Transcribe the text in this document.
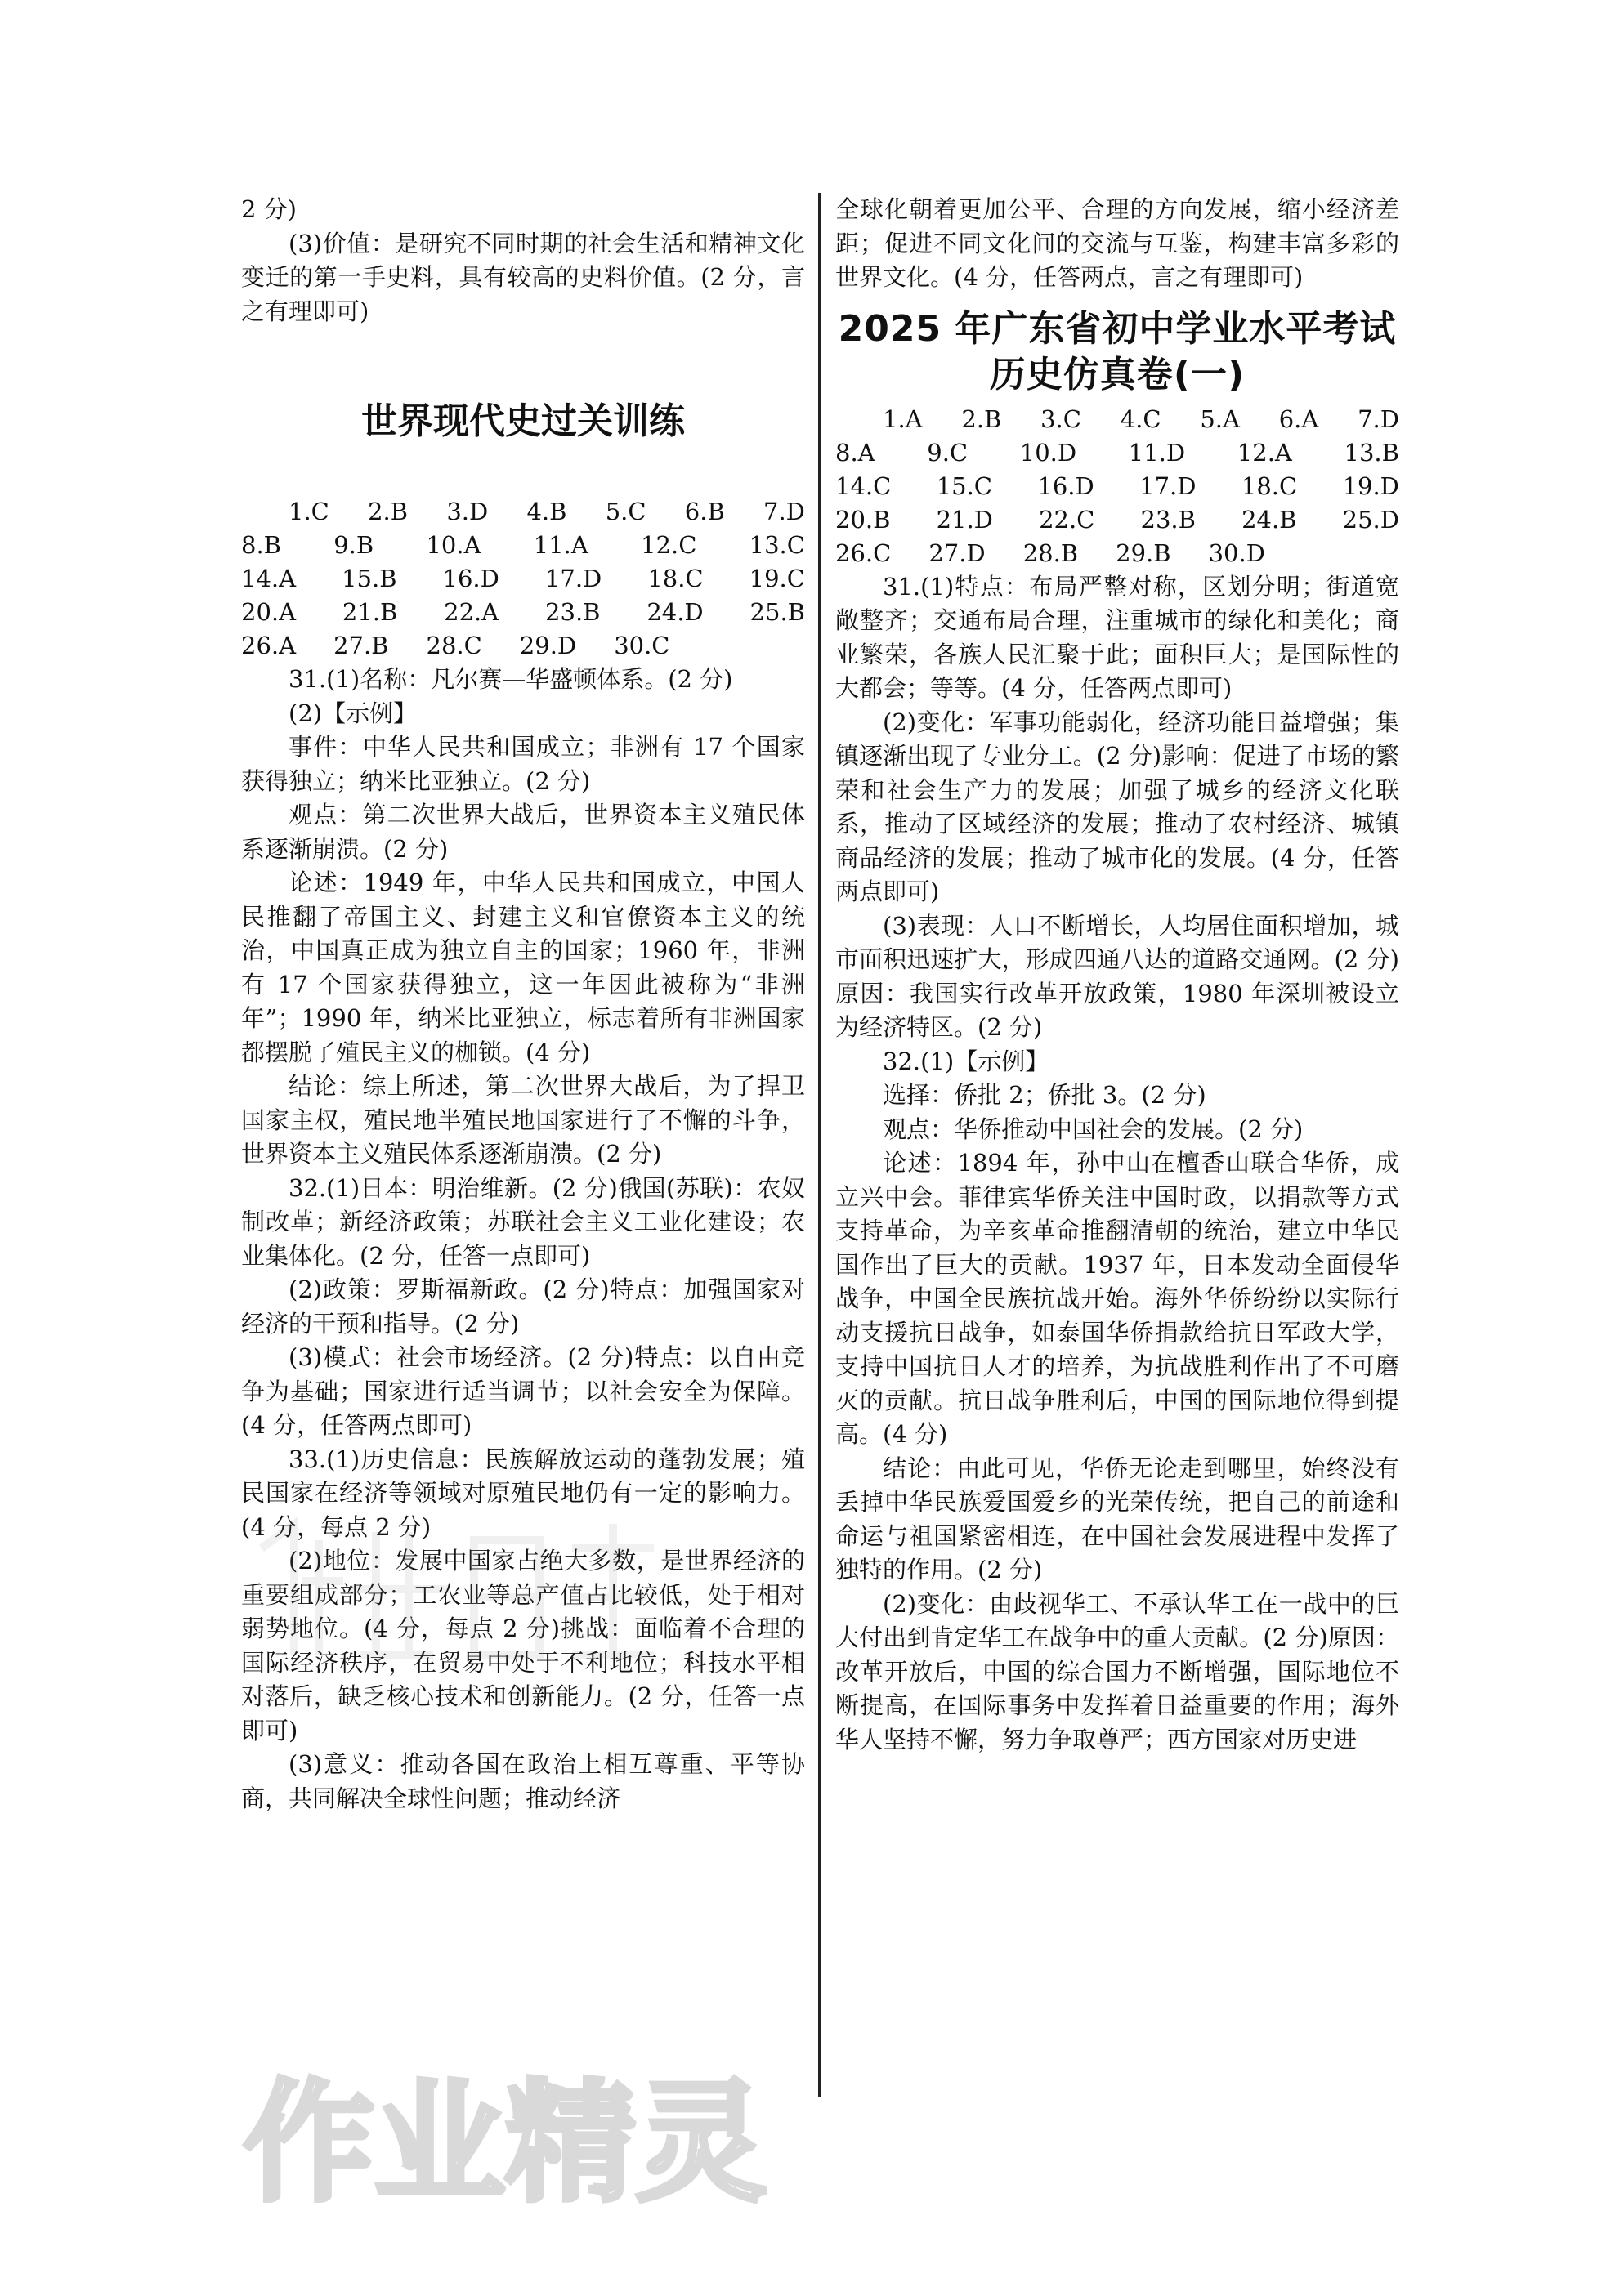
2 分)

(3)价值：是研究不同时期的社会生活和精神文化变迁的第一手史料，具有较高的史料价值。(2 分，言之有理即可)

世界现代史过关训练
1.C 2.B 3.D 4.B 5.C 6.B 7.D
8.B 9.B 10.A 11.A 12.C 13.C
14.A 15.B 16.D 17.D 18.C 19.C
20.A 21.B 22.A 23.B 24.D 25.B
26.A 27.B 28.C 29.D 30.C

31.(1)名称：凡尔赛—华盛顿体系。(2 分)

(2)【示例】

事件：中华人民共和国成立；非洲有 17 个国家获得独立；纳米比亚独立。(2 分)

观点：第二次世界大战后，世界资本主义殖民体系逐渐崩溃。(2 分)

论述：1949 年，中华人民共和国成立，中国人民推翻了帝国主义、封建主义和官僚资本主义的统治，中国真正成为独立自主的国家；1960 年，非洲有 17 个国家获得独立，这一年因此被称为“非洲年”；1990 年，纳米比亚独立，标志着所有非洲国家都摆脱了殖民主义的枷锁。(4 分)

结论：综上所述，第二次世界大战后，为了捍卫国家主权，殖民地半殖民地国家进行了不懈的斗争，世界资本主义殖民体系逐渐崩溃。(2 分)

32.(1)日本：明治维新。(2 分)俄国(苏联)：农奴制改革；新经济政策；苏联社会主义工业化建设；农业集体化。(2 分，任答一点即可)

(2)政策：罗斯福新政。(2 分)特点：加强国家对经济的干预和指导。(2 分)

(3)模式：社会市场经济。(2 分)特点：以自由竞争为基础；国家进行适当调节；以社会安全为保障。(4 分，任答两点即可)

33.(1)历史信息：民族解放运动的蓬勃发展；殖民国家在经济等领域对原殖民地仍有一定的影响力。(4 分，每点 2 分)

(2)地位：发展中国家占绝大多数，是世界经济的重要组成部分；工农业等总产值占比较低，处于相对弱势地位。(4 分，每点 2 分)挑战：面临着不合理的国际经济秩序，在贸易中处于不利地位；科技水平相对落后，缺乏核心技术和创新能力。(2 分，任答一点即可)

(3)意义：推动各国在政治上相互尊重、平等协商，共同解决全球性问题；推动经济

全球化朝着更加公平、合理的方向发展，缩小经济差距；促进不同文化间的交流与互鉴，构建丰富多彩的世界文化。(4 分，任答两点，言之有理即可)

2025 年广东省初中学业水平考试历史仿真卷(一)
1.A 2.B 3.C 4.C 5.A 6.A 7.D
8.A 9.C 10.D 11.D 12.A 13.B
14.C 15.C 16.D 17.D 18.C 19.D
20.B 21.D 22.C 23.B 24.B 25.D
26.C 27.D 28.B 29.B 30.D

31.(1)特点：布局严整对称，区划分明；街道宽敞整齐；交通布局合理，注重城市的绿化和美化；商业繁荣，各族人民汇聚于此；面积巨大；是国际性的大都会；等等。(4 分，任答两点即可)

(2)变化：军事功能弱化，经济功能日益增强；集镇逐渐出现了专业分工。(2 分)影响：促进了市场的繁荣和社会生产力的发展；加强了城乡的经济文化联系，推动了区域经济的发展；推动了农村经济、城镇商品经济的发展；推动了城市化的发展。(4 分，任答两点即可)

(3)表现：人口不断增长，人均居住面积增加，城市面积迅速扩大，形成四通八达的道路交通网。(2 分)原因：我国实行改革开放政策，1980 年深圳被设立为经济特区。(2 分)

32.(1)【示例】

选择：侨批 2；侨批 3。(2 分)

观点：华侨推动中国社会的发展。(2 分)

论述：1894 年，孙中山在檀香山联合华侨，成立兴中会。菲律宾华侨关注中国时政，以捐款等方式支持革命，为辛亥革命推翻清朝的统治，建立中华民国作出了巨大的贡献。1937 年，日本发动全面侵华战争，中国全民族抗战开始。海外华侨纷纷以实际行动支援抗日战争，如泰国华侨捐款给抗日军政大学，支持中国抗日人才的培养，为抗战胜利作出了不可磨灭的贡献。抗日战争胜利后，中国的国际地位得到提高。(4 分)

结论：由此可见，华侨无论走到哪里，始终没有丢掉中华民族爱国爱乡的光荣传统，把自己的前途和命运与祖国紧密相连，在中国社会发展进程中发挥了独特的作用。(2 分)

(2)变化：由歧视华工、不承认华工在一战中的巨大付出到肯定华工在战争中的重大贡献。(2 分)原因：改革开放后，中国的综合国力不断增强，国际地位不断提高，在国际事务中发挥着日益重要的作用；海外华人坚持不懈，努力争取尊严；西方国家对历史进

作业精灵
